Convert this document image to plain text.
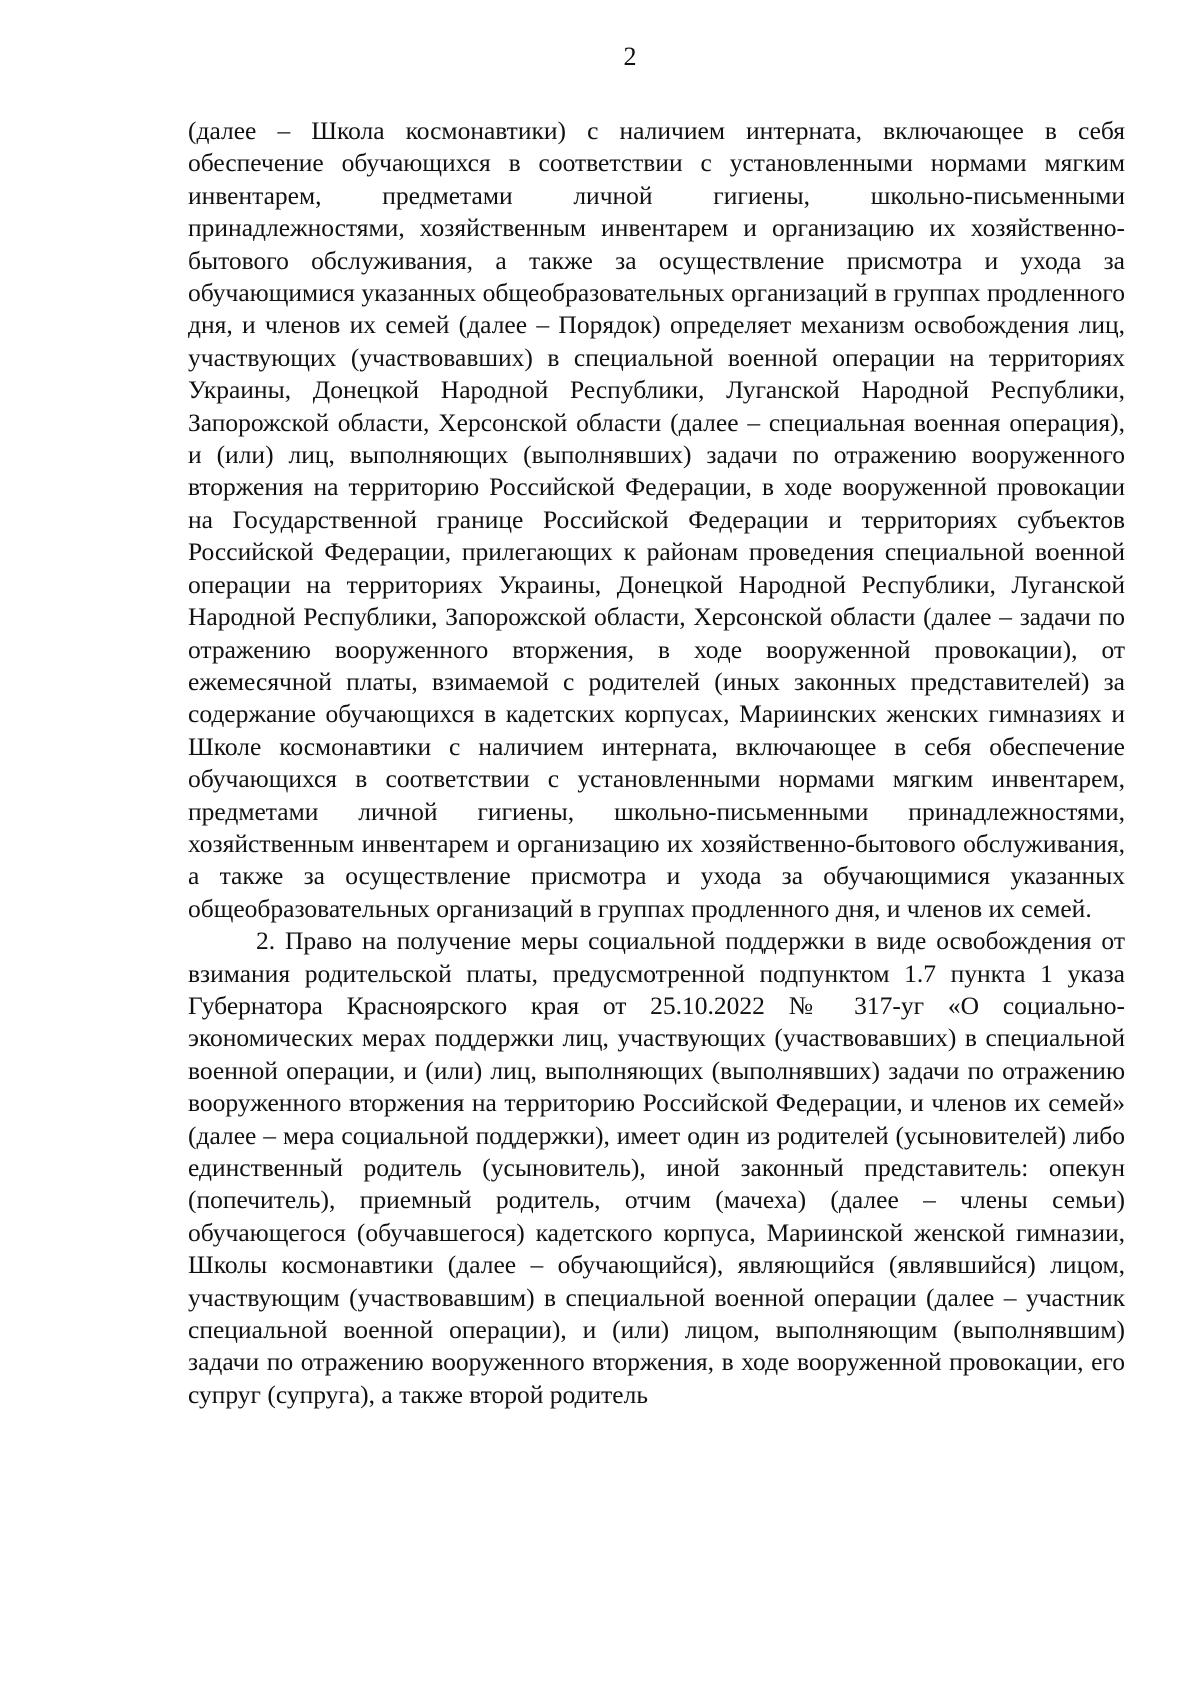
2

(далее – Школа космонавтики) с наличием интерната, включающее в себя обеспечение обучающихся в соответствии с установленными нормами мягким инвентарем, предметами личной гигиены, школьно-письменными принадлежностями, хозяйственным инвентарем и организацию их хозяйственно-бытового обслуживания, а также за осуществление присмотра и ухода за обучающимися указанных общеобразовательных организаций в группах продленного дня, и членов их семей (далее – Порядок) определяет механизм освобождения лиц, участвующих (участвовавших) в специальной военной операции на территориях Украины, Донецкой Народной Республики, Луганской Народной Республики, Запорожской области, Херсонской области (далее – специальная военная операция), и (или) лиц, выполняющих (выполнявших) задачи по отражению вооруженного вторжения на территорию Российской Федерации, в ходе вооруженной провокации на Государственной границе Российской Федерации и территориях субъектов Российской Федерации, прилегающих к районам проведения специальной военной операции на территориях Украины, Донецкой Народной Республики, Луганской Народной Республики, Запорожской области, Херсонской области (далее – задачи по отражению вооруженного вторжения, в ходе вооруженной провокации), от ежемесячной платы, взимаемой с родителей (иных законных представителей) за содержание обучающихся в кадетских корпусах, Мариинских женских гимназиях и Школе космонавтики с наличием интерната, включающее в себя обеспечение обучающихся в соответствии с установленными нормами мягким инвентарем, предметами личной гигиены, школьно-письменными принадлежностями, хозяйственным инвентарем и организацию их хозяйственно-бытового обслуживания, а также за осуществление присмотра и ухода за обучающимися указанных общеобразовательных организаций в группах продленного дня, и членов их семей.

2. Право на получение меры социальной поддержки в виде освобождения от взимания родительской платы, предусмотренной подпунктом 1.7 пункта 1 указа Губернатора Красноярского края от 25.10.2022 № 317-уг «О социально-экономических мерах поддержки лиц, участвующих (участвовавших) в специальной военной операции, и (или) лиц, выполняющих (выполнявших) задачи по отражению вооруженного вторжения на территорию Российской Федерации, и членов их семей» (далее – мера социальной поддержки), имеет один из родителей (усыновителей) либо единственный родитель (усыновитель), иной законный представитель: опекун (попечитель), приемный родитель, отчим (мачеха) (далее – члены семьи) обучающегося (обучавшегося) кадетского корпуса, Мариинской женской гимназии, Школы космонавтики (далее – обучающийся), являющийся (являвшийся) лицом, участвующим (участвовавшим) в специальной военной операции (далее – участник специальной военной операции), и (или) лицом, выполняющим (выполнявшим) задачи по отражению вооруженного вторжения, в ходе вооруженной провокации, его супруг (супруга), а также второй родитель
